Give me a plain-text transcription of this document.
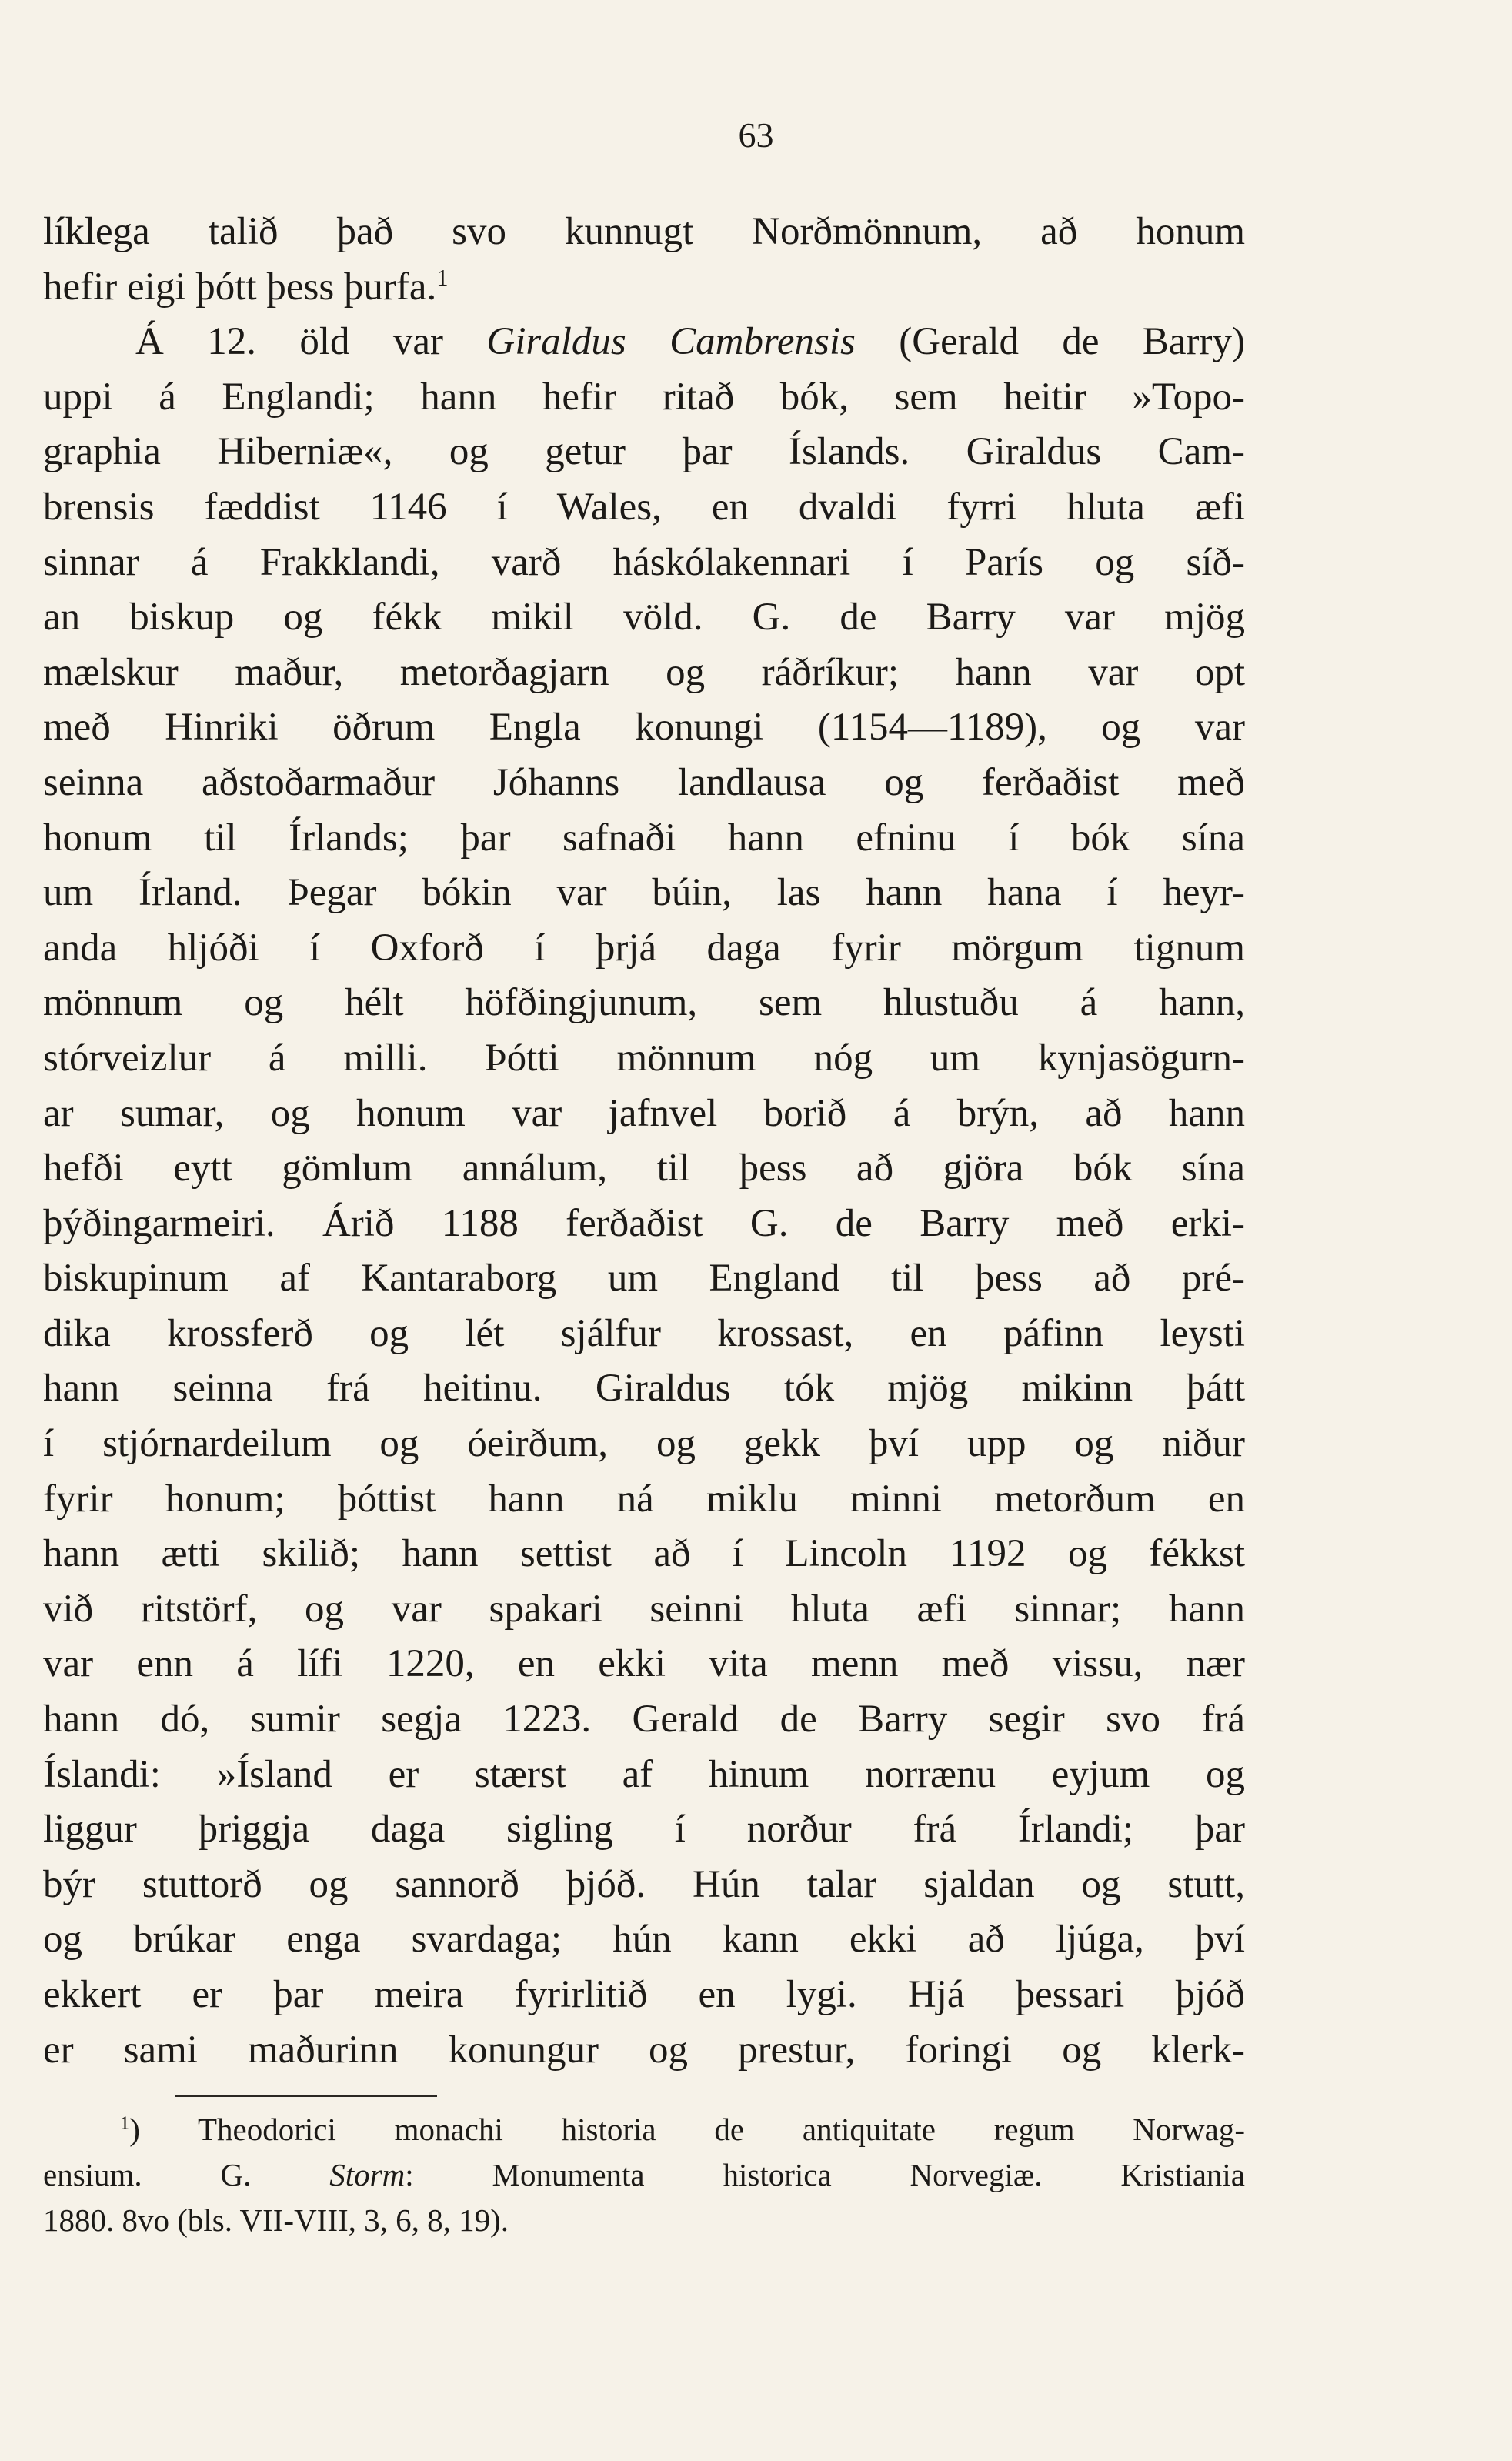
63
líklega talið það svo kunnugt Norðmönnum, að honum
hefir eigi þótt þess þurfa.$^1$
Á 12. öld var Giraldus Cambrensis (Gerald de Barry)
uppi á Englandi; hann hefir ritað bók, sem heitir »Topo-
graphia Hiberniæ«, og getur þar Íslands. Giraldus Cam-
brensis fæddist 1146 í Wales, en dvaldi fyrri hluta æfi
sinnar á Frakklandi, varð háskólakennari í París og síð-
an biskup og fékk mikil völd. G. de Barry var mjög
mælskur maður, metorðagjarn og ráðríkur; hann var opt
með Hinriki öðrum Engla konungi (1154—1189), og var
seinna aðstoðarmaður Jóhanns landlausa og ferðaðist með
honum til Írlands; þar safnaði hann efninu í bók sína
um Írland. Þegar bókin var búin, las hann hana í heyr-
anda hljóði í Oxforð í þrjá daga fyrir mörgum tignum
mönnum og hélt höfðingjunum, sem hlustuðu á hann,
stórveizlur á milli. Þótti mönnum nóg um kynjasögurn-
ar sumar, og honum var jafnvel borið á brýn, að hann
hefði eytt gömlum annálum, til þess að gjöra bók sína
þýðingarmeiri. Árið 1188 ferðaðist G. de Barry með erki-
biskupinum af Kantaraborg um England til þess að pré-
dika krossferð og lét sjálfur krossast, en páfinn leysti
hann seinna frá heitinu. Giraldus tók mjög mikinn þátt
í stjórnardeilum og óeirðum, og gekk því upp og niður
fyrir honum; þóttist hann ná miklu minni metorðum en
hann ætti skilið; hann settist að í Lincoln 1192 og fékkst
við ritstörf, og var spakari seinni hluta æfi sinnar; hann
var enn á lífi 1220, en ekki vita menn með vissu, nær
hann dó, sumir segja 1223. Gerald de Barry segir svo frá
Íslandi: »Ísland er stærst af hinum norrænu eyjum og
liggur þriggja daga sigling í norður frá Írlandi; þar
býr stuttorð og sannorð þjóð. Hún talar sjaldan og stutt,
og brúkar enga svardaga; hún kann ekki að ljúga, því
ekkert er þar meira fyrirlitið en lygi. Hjá þessari þjóð
er sami maðurinn konungur og prestur, foringi og klerk-
$^1$) Theodorici monachi historia de antiquitate regum Norwag-
ensium. G. Storm: Monumenta historica Norvegiæ. Kristiania
1880. 8vo (bls. VII-VIII, 3, 6, 8, 19).
